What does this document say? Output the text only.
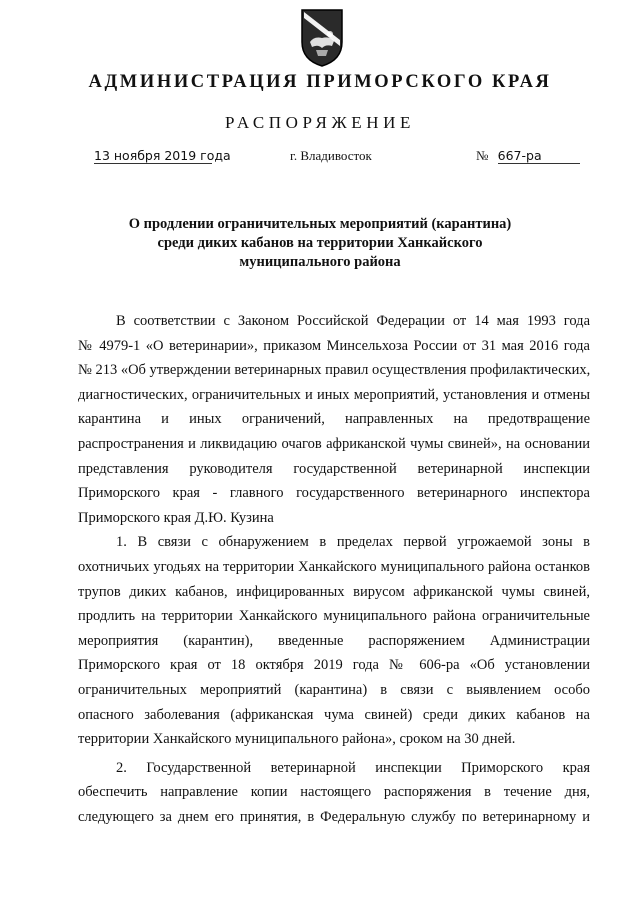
АДМИНИСТРАЦИЯ ПРИМОРСКОГО КРАЯ
РАСПОРЯЖЕНИЕ
13 ноября 2019 года	г. Владивосток	№ 667-ра
О продлении ограничительных мероприятий (карантина)
среди диких кабанов на территории Ханкайского
муниципального района
В соответствии с Законом Российской Федерации от 14 мая 1993 года
№ 4979-1 «О ветеринарии», приказом Минсельхоза России от 31 мая 2016 года
№ 213 «Об утверждении ветеринарных правил осуществления профилактических,
диагностических, ограничительных и иных мероприятий, установления и отмены
карантина и иных ограничений, направленных на предотвращение
распространения и ликвидацию очагов африканской чумы свиней», на основании
представления руководителя государственной ветеринарной инспекции
Приморского края - главного государственного ветеринарного инспектора
Приморского края Д.Ю. Кузина
1. В связи с обнаружением в пределах первой угрожаемой зоны в
охотничьих угодьях на территории Ханкайского муниципального района останков
трупов диких кабанов, инфицированных вирусом африканской чумы свиней,
продлить на территории Ханкайского муниципального района ограничительные
мероприятия (карантин), введенные распоряжением Администрации
Приморского края от 18 октября 2019 года № 606-ра «Об установлении
ограничительных мероприятий (карантина) в связи с выявлением особо
опасного заболевания (африканская чума свиней) среди диких кабанов на
территории Ханкайского муниципального района», сроком на 30 дней.
2. Государственной ветеринарной инспекции Приморского края
обеспечить направление копии настоящего распоряжения в течение дня,
следующего за днем его принятия, в Федеральную службу по ветеринарному и
